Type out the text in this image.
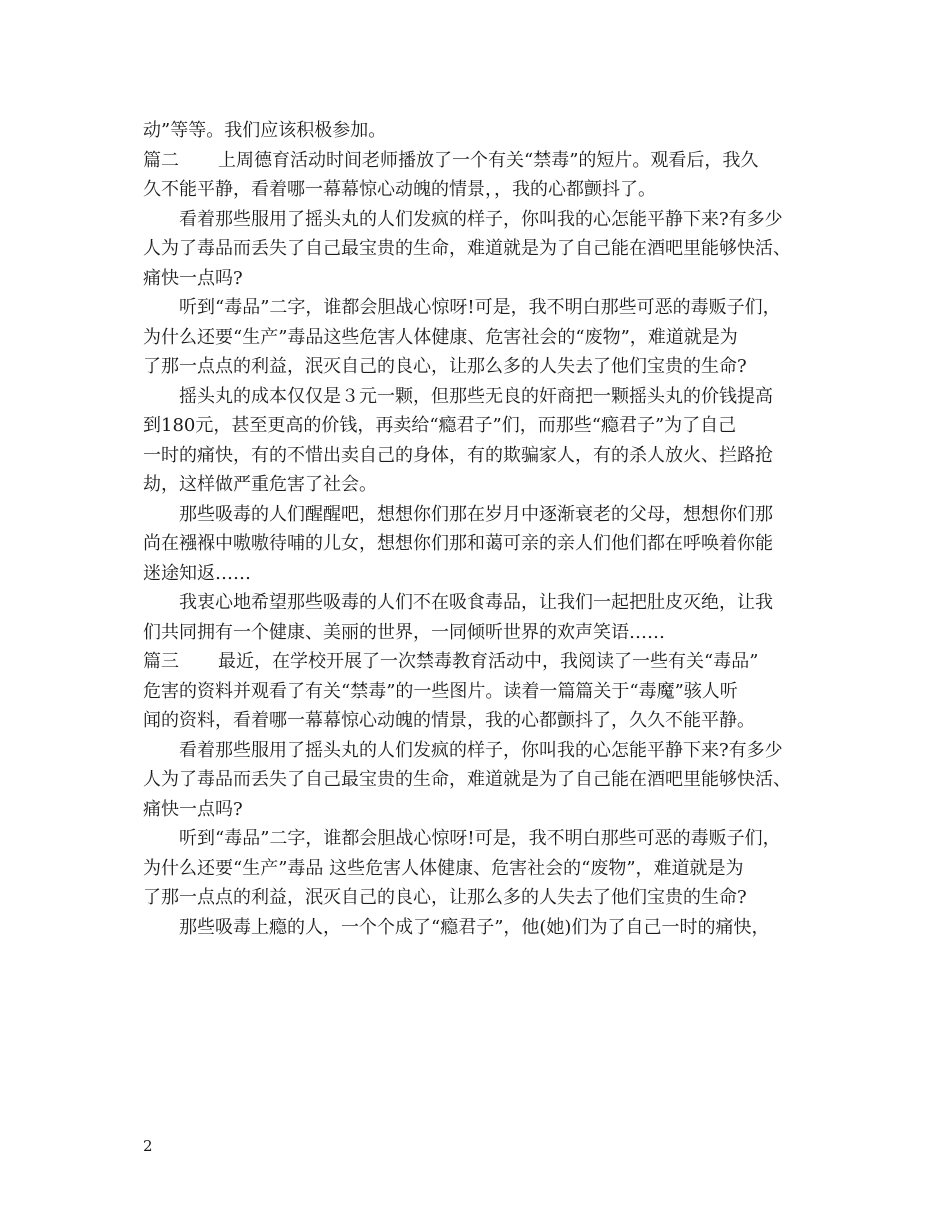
动”等等。我们应该积极参加。
篇二 上周德育活动时间老师播放了一个有关“禁毒”的短片。观看后，我久
久不能平静，看着哪一幕幕惊心动魄的情景，，我的心都颤抖了。
看着那些服用了摇头丸的人们发疯的样子，你叫我的心怎能平静下来?有多少
人为了毒品而丢失了自己最宝贵的生命，难道就是为了自己能在酒吧里能够快活、
痛快一点吗?
听到“毒品”二字，谁都会胆战心惊呀!可是，我不明白那些可恶的毒贩子们，
为什么还要“生产”毒品这些危害人体健康、危害社会的“废物”，难道就是为
了那一点点的利益，泯灭自己的良心，让那么多的人失去了他们宝贵的生命?
摇头丸的成本仅仅是３元一颗，但那些无良的奸商把一颗摇头丸的价钱提高
到180元，甚至更高的价钱，再卖给“瘾君子”们，而那些“瘾君子”为了自己
一时的痛快，有的不惜出卖自己的身体，有的欺骗家人，有的杀人放火、拦路抢
劫，这样做严重危害了社会。
那些吸毒的人们醒醒吧，想想你们那在岁月中逐渐衰老的父母，想想你们那
尚在襁褓中嗷嗷待哺的儿女，想想你们那和蔼可亲的亲人们他们都在呼唤着你能
迷途知返……
我衷心地希望那些吸毒的人们不在吸食毒品，让我们一起把肚皮灭绝，让我
们共同拥有一个健康、美丽的世界，一同倾听世界的欢声笑语……
篇三 最近，在学校开展了一次禁毒教育活动中，我阅读了一些有关“毒品”
危害的资料并观看了有关“禁毒”的一些图片。读着一篇篇关于“毒魔”骇人听
闻的资料，看着哪一幕幕惊心动魄的情景，我的心都颤抖了，久久不能平静。
看着那些服用了摇头丸的人们发疯的样子，你叫我的心怎能平静下来?有多少
人为了毒品而丢失了自己最宝贵的生命，难道就是为了自己能在酒吧里能够快活、
痛快一点吗?
听到“毒品”二字，谁都会胆战心惊呀!可是，我不明白那些可恶的毒贩子们，
为什么还要“生产”毒品 这些危害人体健康、危害社会的“废物”，难道就是为
了那一点点的利益，泯灭自己的良心，让那么多的人失去了他们宝贵的生命?
那些吸毒上瘾的人，一个个成了“瘾君子”，他(她)们为了自己一时的痛快，
2
